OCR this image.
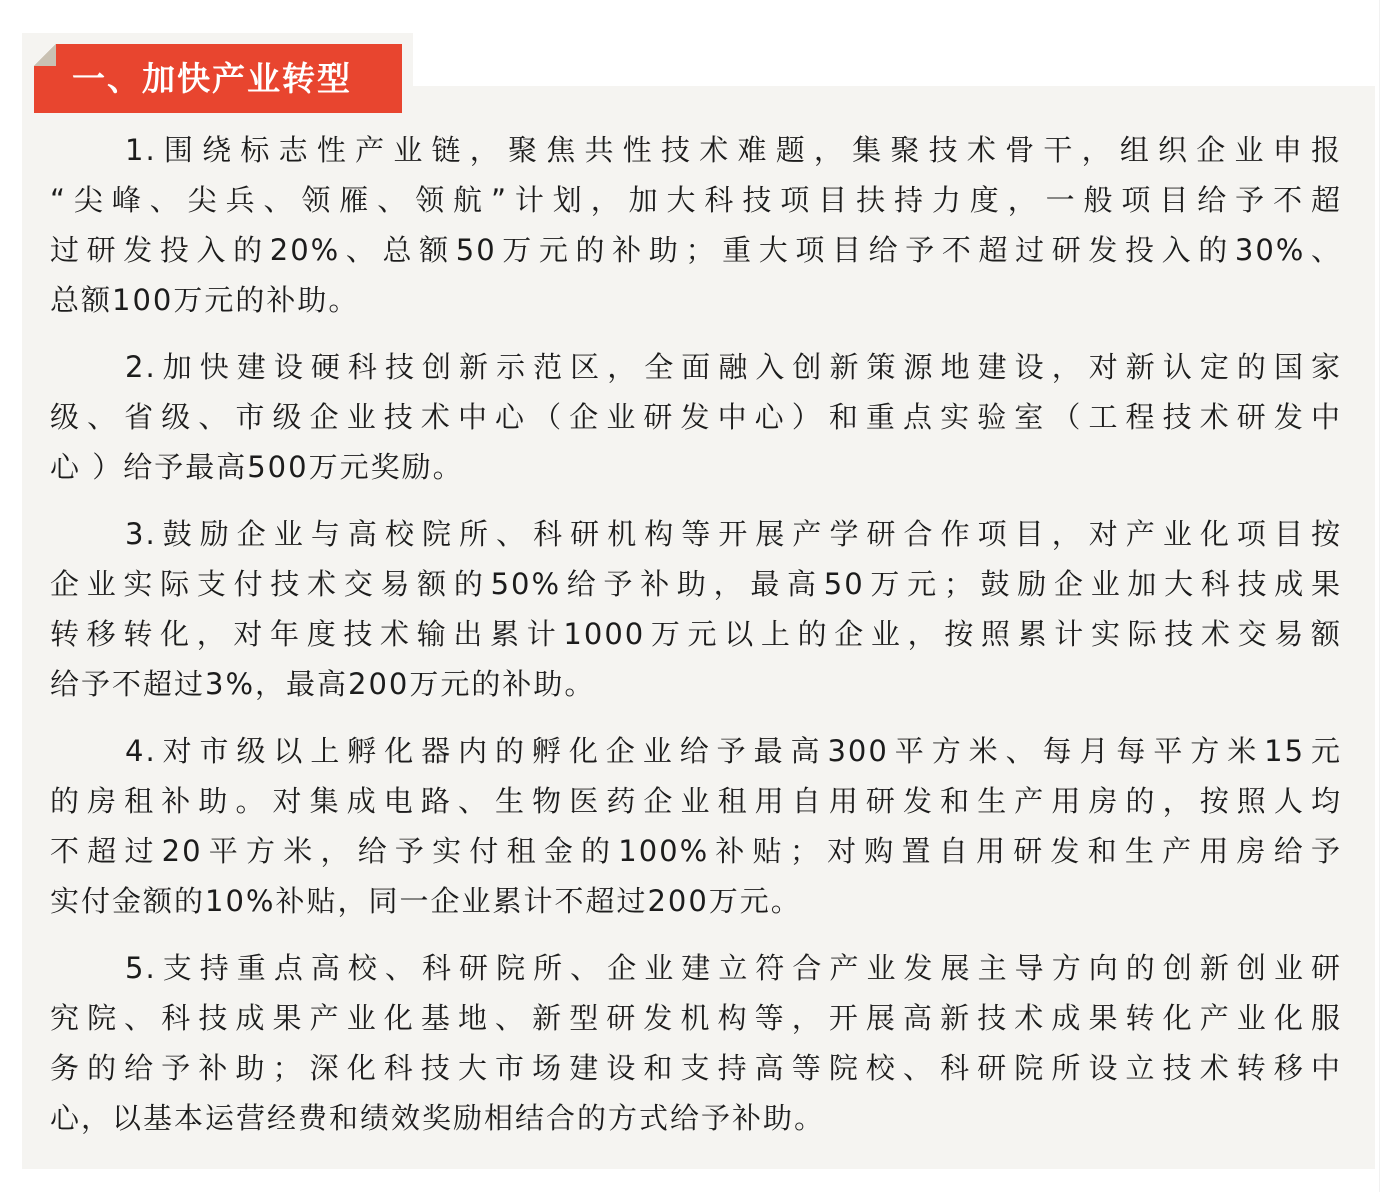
一、加快产业转型
1.围绕标志性产业链，聚焦共性技术难题，集聚技术骨干，组织企业申报
“尖峰、尖兵、领雁、领航”计划，加大科技项目扶持力度，一般项目给予不超
过研发投入的20%、总额50万元的补助；重大项目给予不超过研发投入的30%、
总额100万元的补助。
2.加快建设硬科技创新示范区，全面融入创新策源地建设，对新认定的国家
级、省级、市级企业技术中心（企业研发中心）和重点实验室（工程技术研发中
心 ）给予最高500万元奖励。
3.鼓励企业与高校院所、科研机构等开展产学研合作项目，对产业化项目按
企业实际支付技术交易额的50%给予补助，最高50万元；鼓励企业加大科技成果
转移转化，对年度技术输出累计1000万元以上的企业，按照累计实际技术交易额
给予不超过3%，最高200万元的补助。
4.对市级以上孵化器内的孵化企业给予最高300平方米、每月每平方米15元
的房租补助。对集成电路、生物医药企业租用自用研发和生产用房的，按照人均
不超过20平方米，给予实付租金的100%补贴；对购置自用研发和生产用房给予
实付金额的10%补贴，同一企业累计不超过200万元。
5.支持重点高校、科研院所、企业建立符合产业发展主导方向的创新创业研
究院、科技成果产业化基地、新型研发机构等，开展高新技术成果转化产业化服
务的给予补助；深化科技大市场建设和支持高等院校、科研院所设立技术转移中
心，以基本运营经费和绩效奖励相结合的方式给予补助。
